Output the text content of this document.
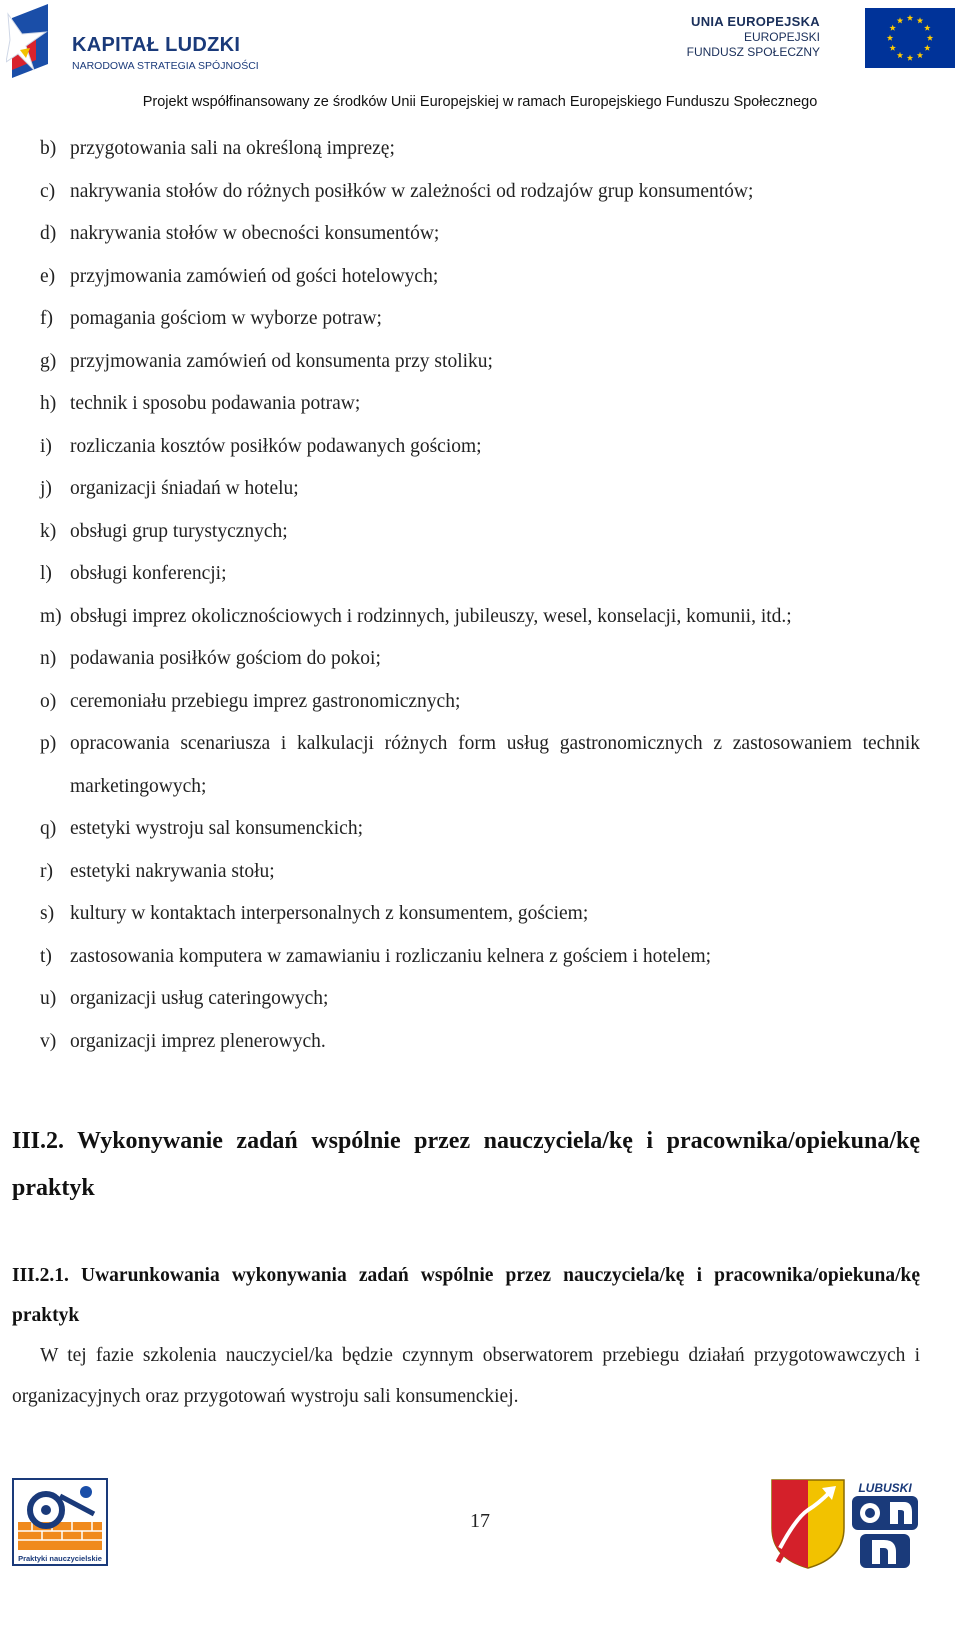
KAPITAŁ LUDZKI
NARODOWA STRATEGIA SPÓJNOŚCI
UNIA EUROPEJSKA
EUROPEJSKI
FUNDUSZ SPOŁECZNY
Projekt współfinansowany ze środków Unii Europejskiej w ramach Europejskiego Funduszu Społecznego
b) przygotowania sali na określoną imprezę;
c) nakrywania stołów do różnych posiłków w zależności od rodzajów grup konsumentów;
d) nakrywania stołów w obecności konsumentów;
e) przyjmowania zamówień od gości hotelowych;
f) pomagania gościom w wyborze potraw;
g) przyjmowania zamówień od konsumenta przy stoliku;
h) technik i sposobu podawania potraw;
i) rozliczania kosztów posiłków podawanych gościom;
j) organizacji śniadań w hotelu;
k) obsługi grup turystycznych;
l) obsługi konferencji;
m) obsługi imprez okolicznościowych i rodzinnych, jubileuszy, wesel, konselacji, komunii, itd.;
n) podawania posiłków gościom do pokoi;
o) ceremoniału przebiegu imprez gastronomicznych;
p) opracowania scenariusza i kalkulacji różnych form usług gastronomicznych z zastosowaniem technik marketingowych;
q) estetyki wystroju sal konsumenckich;
r) estetyki nakrywania stołu;
s) kultury w kontaktach interpersonalnych z konsumentem, gościem;
t) zastosowania komputera w zamawianiu i rozliczaniu kelnera z gościem i hotelem;
u) organizacji usług cateringowych;
v) organizacji imprez plenerowych.
III.2. Wykonywanie zadań wspólnie przez nauczyciela/kę i pracownika/opiekuna/kę praktyk
III.2.1. Uwarunkowania wykonywania zadań wspólnie przez nauczyciela/kę i pracownika/opiekuna/kę praktyk
W tej fazie szkolenia nauczyciel/ka będzie czynnym obserwatorem przebiegu działań przygotowawczych i organizacyjnych oraz przygotowań wystroju sali konsumenckiej.
Praktyki nauczycielskie
17
LUBUSKI
